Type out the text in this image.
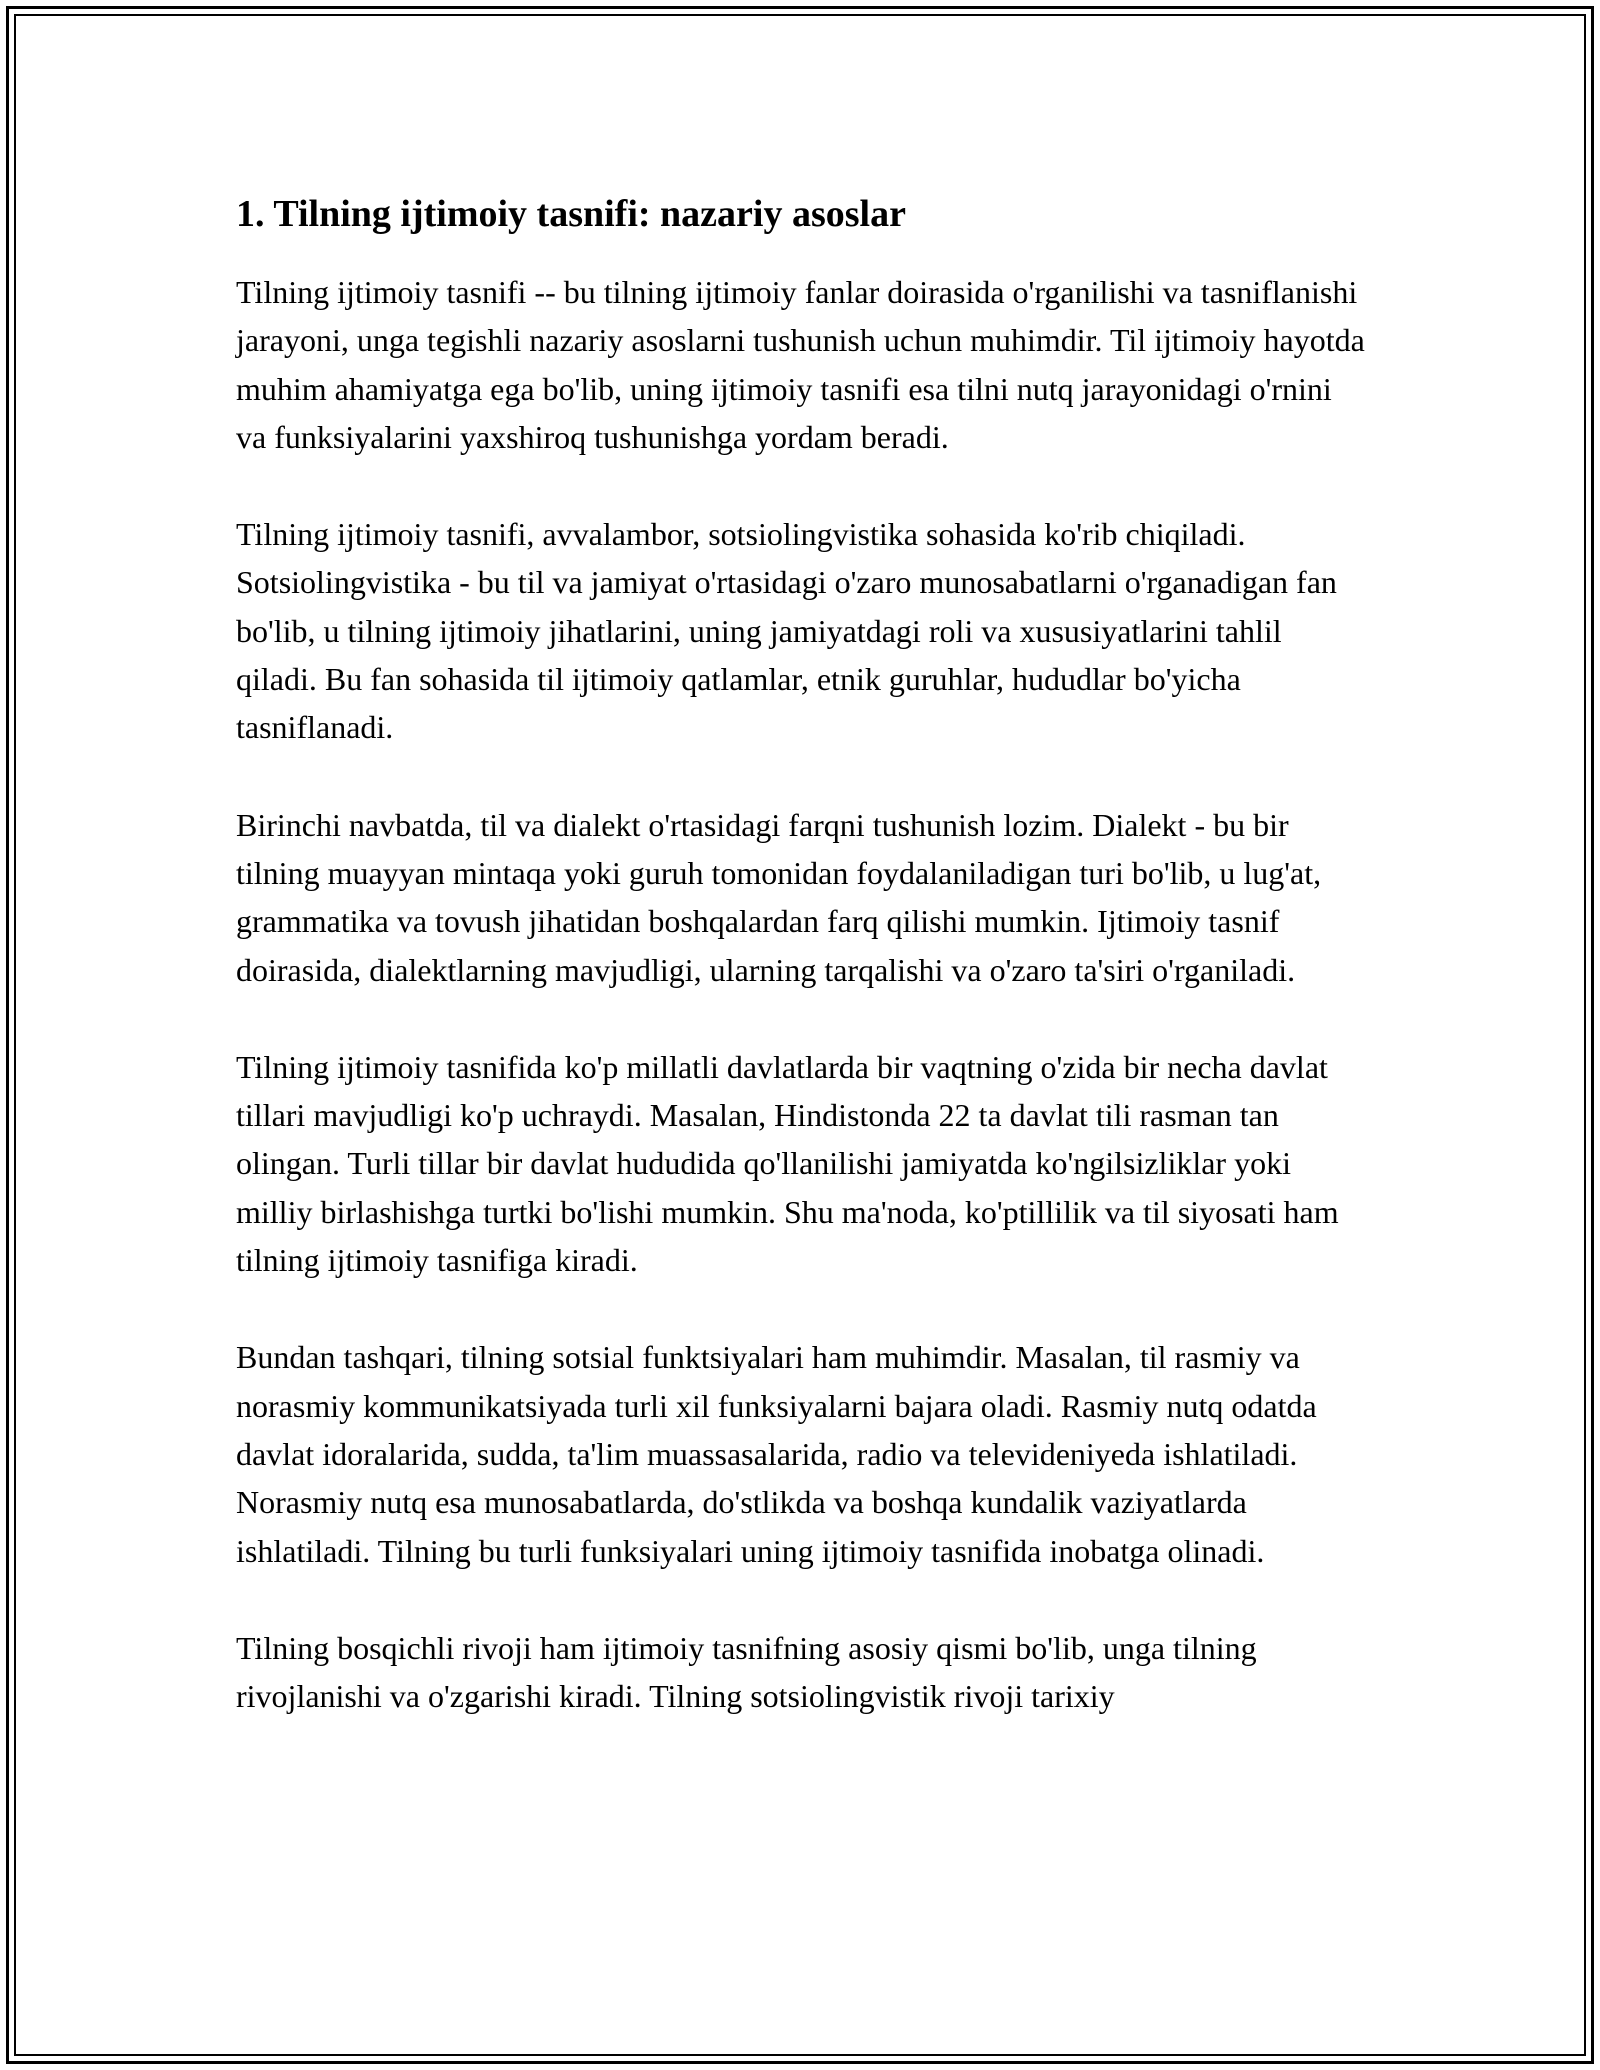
1. Tilning ijtimoiy tasnifi: nazariy asoslar

Tilning ijtimoiy tasnifi -- bu tilning ijtimoiy fanlar doirasida o'rganilishi va tasniflanishi jarayoni, unga tegishli nazariy asoslarni tushunish uchun muhimdir. Til ijtimoiy hayotda muhim ahamiyatga ega bo'lib, uning ijtimoiy tasnifi esa tilni nutq jarayonidagi o'rnini va funksiyalarini yaxshiroq tushunishga yordam beradi.

Tilning ijtimoiy tasnifi, avvalambor, sotsiolingvistika sohasida ko'rib chiqiladi. Sotsiolingvistika - bu til va jamiyat o'rtasidagi o'zaro munosabatlarni o'rganadigan fan bo'lib, u tilning ijtimoiy jihatlarini, uning jamiyatdagi roli va xususiyatlarini tahlil qiladi. Bu fan sohasida til ijtimoiy qatlamlar, etnik guruhlar, hududlar bo'yicha tasniflanadi.

Birinchi navbatda, til va dialekt o'rtasidagi farqni tushunish lozim. Dialekt - bu bir tilning muayyan mintaqa yoki guruh tomonidan foydalaniladigan turi bo'lib, u lug'at, grammatika va tovush jihatidan boshqalardan farq qilishi mumkin. Ijtimoiy tasnif doirasida, dialektlarning mavjudligi, ularning tarqalishi va o'zaro ta'siri o'rganiladi.

Tilning ijtimoiy tasnifida ko'p millatli davlatlarda bir vaqtning o'zida bir necha davlat tillari mavjudligi ko'p uchraydi. Masalan, Hindistonda 22 ta davlat tili rasman tan olingan. Turli tillar bir davlat hududida qo'llanilishi jamiyatda ko'ngilsizliklar yoki milliy birlashishga turtki bo'lishi mumkin. Shu ma'noda, ko'ptillilik va til siyosati ham tilning ijtimoiy tasnifiga kiradi.

Bundan tashqari, tilning sotsial funktsiyalari ham muhimdir. Masalan, til rasmiy va norasmiy kommunikatsiyada turli xil funksiyalarni bajara oladi. Rasmiy nutq odatda davlat idoralarida, sudda, ta'lim muassasalarida, radio va televideniyeda ishlatiladi. Norasmiy nutq esa munosabatlarda, do'stlikda va boshqa kundalik vaziyatlarda ishlatiladi. Tilning bu turli funksiyalari uning ijtimoiy tasnifida inobatga olinadi.

Tilning bosqichli rivoji ham ijtimoiy tasnifning asosiy qismi bo'lib, unga tilning rivojlanishi va o'zgarishi kiradi. Tilning sotsiolingvistik rivoji tarixiy
